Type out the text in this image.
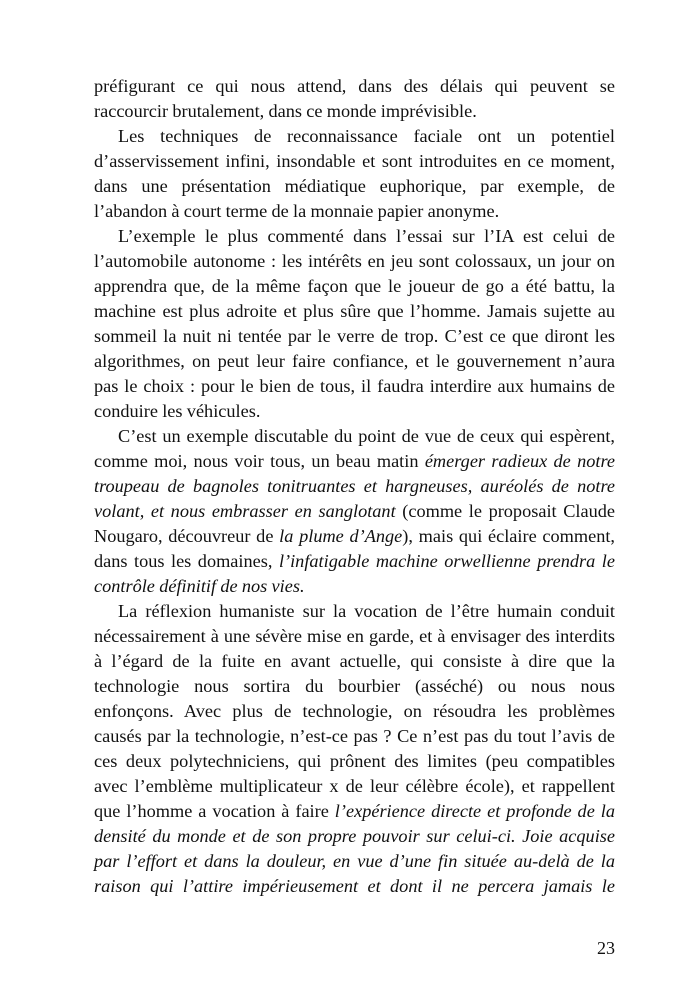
préfigurant ce qui nous attend, dans des délais qui peuvent se
raccourcir brutalement, dans ce monde imprévisible.
Les techniques de reconnaissance faciale ont un potentiel
d’asservissement infini, insondable et sont introduites en ce moment,
dans une présentation médiatique euphorique, par exemple, de
l’abandon à court terme de la monnaie papier anonyme.
L’exemple le plus commenté dans l’essai sur l’IA est celui de
l’automobile autonome : les intérêts en jeu sont colossaux, un jour on
apprendra que, de la même façon que le joueur de go a été battu, la
machine est plus adroite et plus sûre que l’homme. Jamais sujette au
sommeil la nuit ni tentée par le verre de trop. C’est ce que diront les
algorithmes, on peut leur faire confiance, et le gouvernement n’aura
pas le choix : pour le bien de tous, il faudra interdire aux humains de
conduire les véhicules.
C’est un exemple discutable du point de vue de ceux qui espèrent,
comme moi, nous voir tous, un beau matin émerger radieux de notre
troupeau de bagnoles tonitruantes et hargneuses, auréolés de notre
volant, et nous embrasser en sanglotant (comme le proposait Claude
Nougaro, découvreur de la plume d’Ange), mais qui éclaire comment,
dans tous les domaines, l’infatigable machine orwellienne prendra le
contrôle définitif de nos vies.
La réflexion humaniste sur la vocation de l’être humain conduit
nécessairement à une sévère mise en garde, et à envisager des interdits
à l’égard de la fuite en avant actuelle, qui consiste à dire que la
technologie nous sortira du bourbier (asséché) ou nous nous
enfonçons. Avec plus de technologie, on résoudra les problèmes
causés par la technologie, n’est-ce pas ? Ce n’est pas du tout l’avis de
ces deux polytechniciens, qui prônent des limites (peu compatibles
avec l’emblème multiplicateur x de leur célèbre école), et rappellent
que l’homme a vocation à faire l’expérience directe et profonde de la
densité du monde et de son propre pouvoir sur celui-ci. Joie acquise
par l’effort et dans la douleur, en vue d’une fin située au-delà de la
raison qui l’attire impérieusement et dont il ne percera jamais le
23
